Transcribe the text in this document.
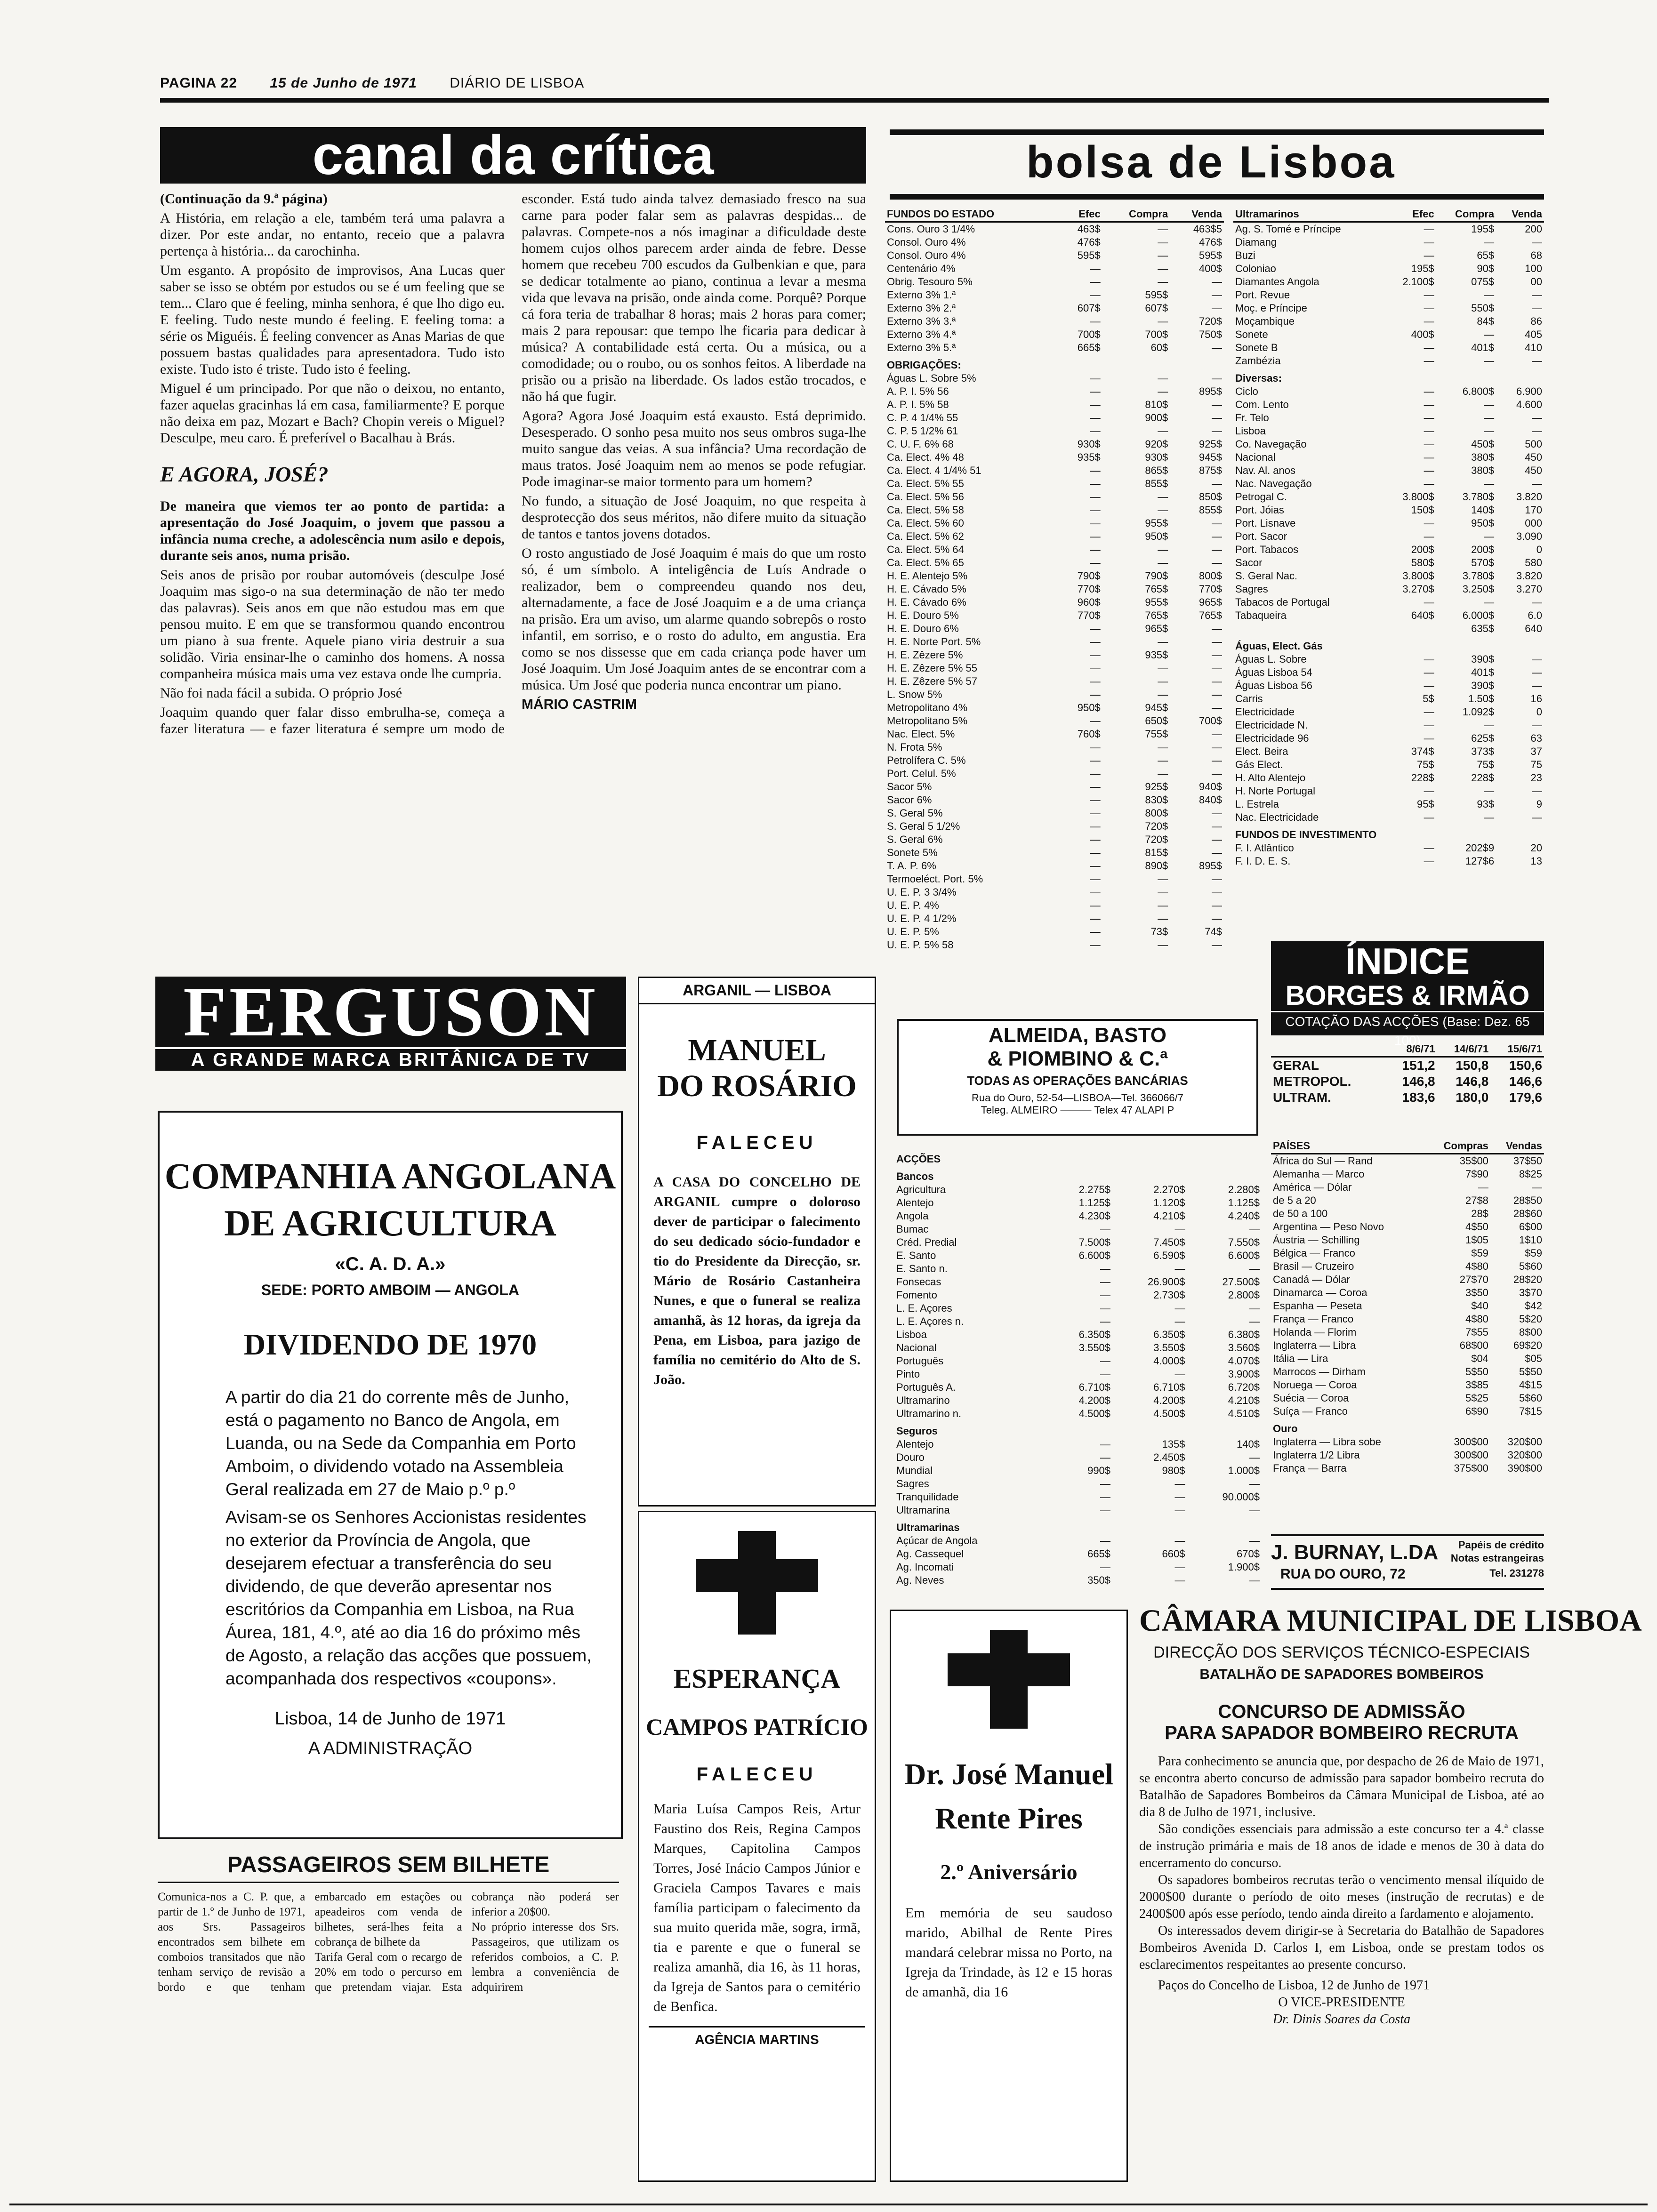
PAGINA 22 15 de Junho de 1971 DIÁRIO DE LISBOA
canal da crítica

(Continuação da 9.ª página)

A História, em relação a ele, também terá uma palavra a dizer. Por este andar, no entanto, receio que a palavra pertença à história... da carochinha.

Um esganto. A propósito de improvisos, Ana Lucas quer saber se isso se obtém por estudos ou se é um feeling que se tem... Claro que é feeling, minha senhora, é que lho digo eu. E feeling. Tudo neste mundo é feeling. E feeling toma: a série os Miguéis. É feeling convencer as Anas Marias de que possuem bastas qualidades para apresentadora. Tudo isto existe. Tudo isto é triste. Tudo isto é feeling.

Miguel é um principado. Por que não o deixou, no entanto, fazer aquelas gracinhas lá em casa, familiarmente? E porque não deixa em paz, Mozart e Bach? Chopin vereis o Miguel? Desculpe, meu caro. É preferível o Bacalhau à Brás.

E AGORA, JOSÉ?

De maneira que viemos ter ao ponto de partida: a apresentação do José Joaquim, o jovem que passou a infância numa creche, a adolescência num asilo e depois, durante seis anos, numa prisão.

Seis anos de prisão por roubar automóveis (desculpe José Joaquim mas sigo-o na sua determinação de não ter medo das palavras). Seis anos em que não estudou mas em que pensou muito. E em que se transformou quando encontrou um piano à sua frente. Aquele piano viria destruir a sua solidão. Viria ensinar-lhe o caminho dos homens. A nossa companheira música mais uma vez estava onde lhe cumpria.

Não foi nada fácil a subida. O próprio José

Joaquim quando quer falar disso embrulha-se, começa a fazer literatura — e fazer literatura é sempre um modo de esconder. Está tudo ainda talvez demasiado fresco na sua carne para poder falar sem as palavras despidas... de palavras. Compete-nos a nós imaginar a dificuldade deste homem cujos olhos parecem arder ainda de febre. Desse homem que recebeu 700 escudos da Gulbenkian e que, para se dedicar totalmente ao piano, continua a levar a mesma vida que levava na prisão, onde ainda come. Porquê? Porque cá fora teria de trabalhar 8 horas; mais 2 horas para comer; mais 2 para repousar: que tempo lhe ficaria para dedicar à música? A contabilidade está certa. Ou a música, ou a comodidade; ou o roubo, ou os sonhos feitos. A liberdade na prisão ou a prisão na liberdade. Os lados estão trocados, e não há que fugir.

Agora? Agora José Joaquim está exausto. Está deprimido. Desesperado. O sonho pesa muito nos seus ombros suga-lhe muito sangue das veias. A sua infância? Uma recordação de maus tratos. José Joaquim nem ao menos se pode refugiar. Pode imaginar-se maior tormento para um homem?

No fundo, a situação de José Joaquim, no que respeita à desprotecção dos seus méritos, não difere muito da situação de tantos e tantos jovens dotados.

O rosto angustiado de José Joaquim é mais do que um rosto só, é um símbolo. A inteligência de Luís Andrade o realizador, bem o compreendeu quando nos deu, alternadamente, a face de José Joaquim e a de uma criança na prisão. Era um aviso, um alarme quando sobrepôs o rosto infantil, em sorriso, e o rosto do adulto, em angustia. Era como se nos dissesse que em cada criança pode haver um José Joaquim. Um José Joaquim antes de se encontrar com a música. Um José que poderia nunca encontrar um piano.

MÁRIO CASTRIM

bolsa de Lisboa
FUNDOS DO ESTADO	Efec	Compra	Venda
Cons. Ouro 3 1/4%	463$	—	463$5
Consol. Ouro 4%	476$	—	476$
Consol. Ouro 4%	595$	—	595$
Centenário 4%	—	—	400$
Obrig. Tesouro 5%	—	—	—
Externo 3% 1.ª	—	595$	—
Externo 3% 2.ª	607$	607$	—
Externo 3% 3.ª	—	—	720$
Externo 3% 4.ª	700$	700$	750$
Externo 3% 5.ª	665$	60$	—
OBRIGAÇÕES:			
Águas L. Sobre 5%	—	—	—
A. P. I. 5% 56	—	—	895$
A. P. I. 5% 58	—	810$	—
C. P. 4 1/4% 55	—	900$	—
C. P. 5 1/2% 61	—	—	—
C. U. F. 6% 68	930$	920$	925$
Ca. Elect. 4% 48	935$	930$	945$
Ca. Elect. 4 1/4% 51	—	865$	875$
Ca. Elect. 5% 55	—	855$	—
Ca. Elect. 5% 56	—	—	850$
Ca. Elect. 5% 58	—	—	855$
Ca. Elect. 5% 60	—	955$	—
Ca. Elect. 5% 62	—	950$	—
Ca. Elect. 5% 64	—	—	—
Ca. Elect. 5% 65	—	—	—
H. E. Alentejo 5%	790$	790$	800$
H. E. Cávado 5%	770$	765$	770$
H. E. Cávado 6%	960$	955$	965$
H. E. Douro 5%	770$	765$	765$
H. E. Douro 6%	—	965$	—
H. E. Norte Port. 5%	—	—	—
H. E. Zêzere 5%	—	935$	—
H. E. Zêzere 5% 55	—	—	—
H. E. Zêzere 5% 57	—	—	—
L. Snow 5%	—	—	—
Metropolitano 4%	950$	945$	—
Metropolitano 5%	—	650$	700$
Nac. Elect. 5%	760$	755$	—
N. Frota 5%	—	—	—
Petrolífera C. 5%	—	—	—
Port. Celul. 5%	—	—	—
Sacor 5%	—	925$	940$
Sacor 6%	—	830$	840$
S. Geral 5%	—	800$	—
S. Geral 5 1/2%	—	720$	—
S. Geral 6%	—	720$	—
Sonete 5%	—	815$	—
T. A. P. 6%	—	890$	895$
Termoeléct. Port. 5%	—	—	—
U. E. P. 3 3/4%	—	—	—
U. E. P. 4%	—	—	—
U. E. P. 4 1/2%	—	—	—
U. E. P. 5%	—	73$	74$
U. E. P. 5% 58	—	—	—
Ultramarinos	Efec	Compra	Venda
Ag. S. Tomé e Príncipe	—	195$	200
Diamang	—	—	—
Buzi	—	65$	68
Coloniao	195$	90$	100
Diamantes Angola	2.100$	075$	00
Port. Revue	—	—	—
Moç. e Príncipe	—	550$	—
Moçambique	—	84$	86
Sonete	400$	—	405
Sonete B	—	401$	410
Zambézia	—	—	—
Diversas:			
Ciclo	—	6.800$	6.900
Com. Lento	—	—	4.600
Fr. Telo	—	—	—
Lisboa	—	—	—
Co. Navegação	—	450$	500
Nacional	—	380$	450
Nav. Al. anos	—	380$	450
Nac. Navegação	—	—	—
Petrogal C.	3.800$	3.780$	3.820
Port. Jóias	150$	140$	170
Port. Lisnave	—	950$	000
Port. Sacor	—	—	3.090
Port. Tabacos	200$	200$	0
Sacor	580$	570$	580
S. Geral Nac.	3.800$	3.780$	3.820
Sagres	3.270$	3.250$	3.270
Tabacos de Portugal	—	—	—
Tabaqueira	640$	6.000$	6.0
		635$	640
Águas, Elect. Gás			
Águas L. Sobre	—	390$	—
Águas Lisboa 54	—	401$	—
Águas Lisboa 56	—	390$	—
Carris	5$	1.50$	16
Electricidade	—	1.092$	0
Electricidade N.	—	—	—
Electricidade 96	—	625$	63
Elect. Beira	374$	373$	37
Gás Elect.	75$	75$	75
H. Alto Alentejo	228$	228$	23
H. Norte Portugal	—	—	—
L. Estrela	95$	93$	9
Nac. Electricidade	—	—	—
FUNDOS DE INVESTIMENTO			
F. I. Atlântico	—	202$9	20
F. I. D. E. S.	—	127$6	13
FERGUSON
A GRANDE MARCA BRITÂNICA DE TV
COMPANHIA ANGOLANA
DE AGRICULTURA
«C. A. D. A.»
SEDE: PORTO AMBOIM — ANGOLA
DIVIDENDO DE 1970
A partir do dia 21 do corrente mês de Junho, está o pagamento no Banco de Angola, em Luanda, ou na Sede da Companhia em Porto Amboim, o dividendo votado na Assembleia Geral realizada em 27 de Maio p.º p.º
Avisam-se os Senhores Accionistas residentes no exterior da Província de Angola, que desejarem efectuar a transferência do seu dividendo, de que deverão apresentar nos escritórios da Companhia em Lisboa, na Rua Áurea, 181, 4.º, até ao dia 16 do próximo mês de Agosto, a relação das acções que possuem, acompanhada dos respectivos «coupons».
Lisboa, 14 de Junho de 1971
A ADMINISTRAÇÃO
PASSAGEIROS SEM BILHETE

Comunica-nos a C. P. que, a partir de 1.º de Junho de 1971, aos Srs. Passageiros encontrados sem bilhete em comboios transitados que não tenham serviço de revisão a bordo e que tenham embarcado em estações ou apeadeiros com venda de bilhetes, será-lhes feita a cobrança de bilhete da

Tarifa Geral com o recargo de 20% em todo o percurso em que pretendam viajar. Esta cobrança não poderá ser inferior a 20$00.

No próprio interesse dos Srs. Passageiros, que utilizam os referidos comboios, a C. P. lembra a conveniência de adquirirem

ARGANIL — LISBOA
MANUEL
DO ROSÁRIO
FALECEU
A CASA DO CONCELHO DE ARGANIL cumpre o doloroso dever de participar o falecimento do seu dedicado sócio-fundador e tio do Presidente da Direcção, sr. Mário de Rosário Castanheira Nunes, e que o funeral se realiza amanhã, às 12 horas, da igreja da Pena, em Lisboa, para jazigo de família no cemitério do Alto de S. João.
ESPERANÇA
CAMPOS PATRÍCIO
FALECEU
Maria Luísa Campos Reis, Artur Faustino dos Reis, Regina Campos Marques, Capitolina Campos Torres, José Inácio Campos Júnior e Graciela Campos Tavares e mais família participam o falecimento da sua muito querida mãe, sogra, irmã, tia e parente e que o funeral se realiza amanhã, dia 16, às 11 horas, da Igreja de Santos para o cemitério de Benfica.
AGÊNCIA MARTINS
ÍNDICE
BORGES & IRMÃO
COTAÇÃO DAS ACÇÕES (Base: Dez. 65 100)
	8/6/71	14/6/71	15/6/71
GERAL	151,2	150,8	150,6
METROPOL.	146,8	146,8	146,6
ULTRAM.	183,6	180,0	179,6
ALMEIDA, BASTO
& PIOMBINO & C.ª
TODAS AS OPERAÇÕES BANCÁRIAS
Rua do Ouro, 52-54—LISBOA—Tel. 366066/7
Teleg. ALMEIRO ——— Telex 47 ALAPI P
ACÇÕES			
Bancos			
Agricultura	2.275$	2.270$	2.280$
Alentejo	1.125$	1.120$	1.125$
Angola	4.230$	4.210$	4.240$
Bumac	—	—	—
Créd. Predial	7.500$	7.450$	7.550$
E. Santo	6.600$	6.590$	6.600$
E. Santo n.	—	—	—
Fonsecas	—	26.900$	27.500$
Fomento	—	2.730$	2.800$
L. E. Açores	—	—	—
L. E. Açores n.	—	—	—
Lisboa	6.350$	6.350$	6.380$
Nacional	3.550$	3.550$	3.560$
Português	—	4.000$	4.070$
Pinto	—	—	3.900$
Português A.	6.710$	6.710$	6.720$
Ultramarino	4.200$	4.200$	4.210$
Ultramarino n.	4.500$	4.500$	4.510$
Seguros			
Alentejo	—	135$	140$
Douro	—	2.450$	—
Mundial	990$	980$	1.000$
Sagres	—	—	—
Tranquilidade	—	—	90.000$
Ultramarina	—	—	—
Ultramarinas			
Açúcar de Angola	—	—	—
Ag. Cassequel	665$	660$	670$
Ag. Incomati	—	—	1.900$
Ag. Neves	350$	—	—
PAÍSES	Compras	Vendas
África do Sul — Rand	35$00	37$50
Alemanha — Marco	7$90	8$25
América — Dólar	—	—
de 5 a 20	27$8	28$50
de 50 a 100	28$	28$60
Argentina — Peso Novo	4$50	6$00
Áustria — Schilling	1$05	1$10
Bélgica — Franco	$59	$59
Brasil — Cruzeiro	4$80	5$60
Canadá — Dólar	27$70	28$20
Dinamarca — Coroa	3$50	3$70
Espanha — Peseta	$40	$42
França — Franco	4$80	5$20
Holanda — Florim	7$55	8$00
Inglaterra — Libra	68$00	69$20
Itália — Lira	$04	$05
Marrocos — Dirham	5$50	5$50
Noruega — Coroa	3$85	4$15
Suécia — Coroa	5$25	5$60
Suíça — Franco	6$90	7$15
Ouro		
Inglaterra — Libra sobe	300$00	320$00
Inglaterra 1/2 Libra	300$00	320$00
França — Barra	375$00	390$00
J. BURNAY, L.DA
RUA DO OURO, 72
Papéis de crédito
Notas estrangeiras
Tel. 231278
Dr. José Manuel
Rente Pires
2.º Aniversário
Em memória de seu saudoso marido, Abilhal de Rente Pires mandará celebrar missa no Porto, na Igreja da Trindade, às 12 e 15 horas de amanhã, dia 16
CÂMARA MUNICIPAL DE LISBOA
DIRECÇÃO DOS SERVIÇOS TÉCNICO-ESPECIAIS
BATALHÃO DE SAPADORES BOMBEIROS
CONCURSO DE ADMISSÃO
PARA SAPADOR BOMBEIRO RECRUTA

Para conhecimento se anuncia que, por despacho de 26 de Maio de 1971, se encontra aberto concurso de admissão para sapador bombeiro recruta do Batalhão de Sapadores Bombeiros da Câmara Municipal de Lisboa, até ao dia 8 de Julho de 1971, inclusive.

São condições essenciais para admissão a este concurso ter a 4.ª classe de instrução primária e mais de 18 anos de idade e menos de 30 à data do encerramento do concurso.

Os sapadores bombeiros recrutas terão o vencimento mensal ilíquido de 2000$00 durante o período de oito meses (instrução de recrutas) e de 2400$00 após esse período, tendo ainda direito a fardamento e alojamento.

Os interessados devem dirigir-se à Secretaria do Batalhão de Sapadores Bombeiros Avenida D. Carlos I, em Lisboa, onde se prestam todos os esclarecimentos respeitantes ao presente concurso.

Paços do Concelho de Lisboa, 12 de Junho de 1971

O VICE-PRESIDENTE

Dr. Dinis Soares da Costa
